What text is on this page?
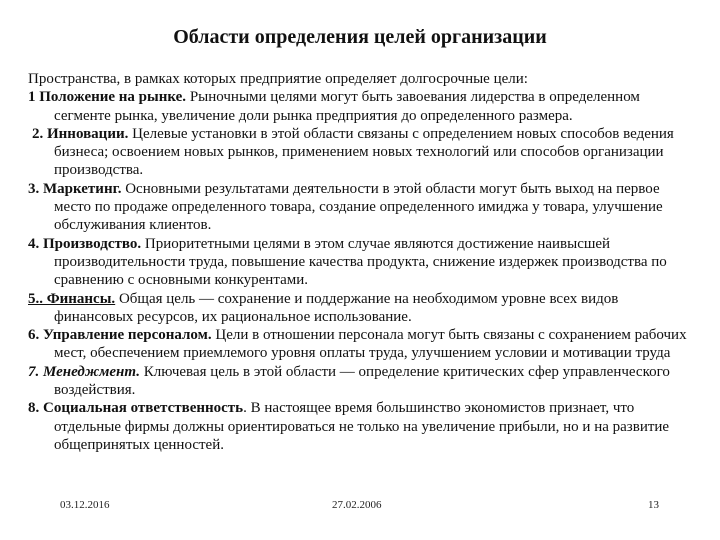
Области определения целей организации

Пространства, в рамках которых предприятие определяет долгосрочные цели:

1 Положение на рынке. Рыночными целями могут быть завоевания лидерства в определенном сегменте рынка, увеличение доли рынка предприятия до определенного размера.

2. Инновации. Целевые установки в этой области связаны с определением новых способов ведения бизнеса; освоением новых рынков, применением новых технологий или способов организации производства.

3. Маркетинг. Основными результатами деятельности в этой области могут быть выход на первое место по продаже определенного товара, создание определенного имиджа у товара, улучшение обслуживания клиентов.

4. Производство. Приоритетными целями в этом случае являются достижение наивысшей производительности труда, повышение качества продукта, снижение издержек производства по сравнению с основными конкурентами.

5.. Финансы. Общая цель — сохранение и поддержание на необходимом уровне всех видов финансовых ресурсов, их рациональное использование.

6. Управление персоналом. Цели в отношении персонала могут быть связаны с сохранением рабочих мест, обеспечением приемлемого уровня оплаты труда, улучшением условии и мотивации труда

7. Менеджмент. Ключевая цель в этой области — определение критических сфер управленческого воздействия.

8. Социальная ответственность. В настоящее время большинство экономистов признает, что отдельные фирмы должны ориентироваться не только на увеличение прибыли, но и на развитие общепринятых ценностей.

03.12.2016	27.02.2006	13
